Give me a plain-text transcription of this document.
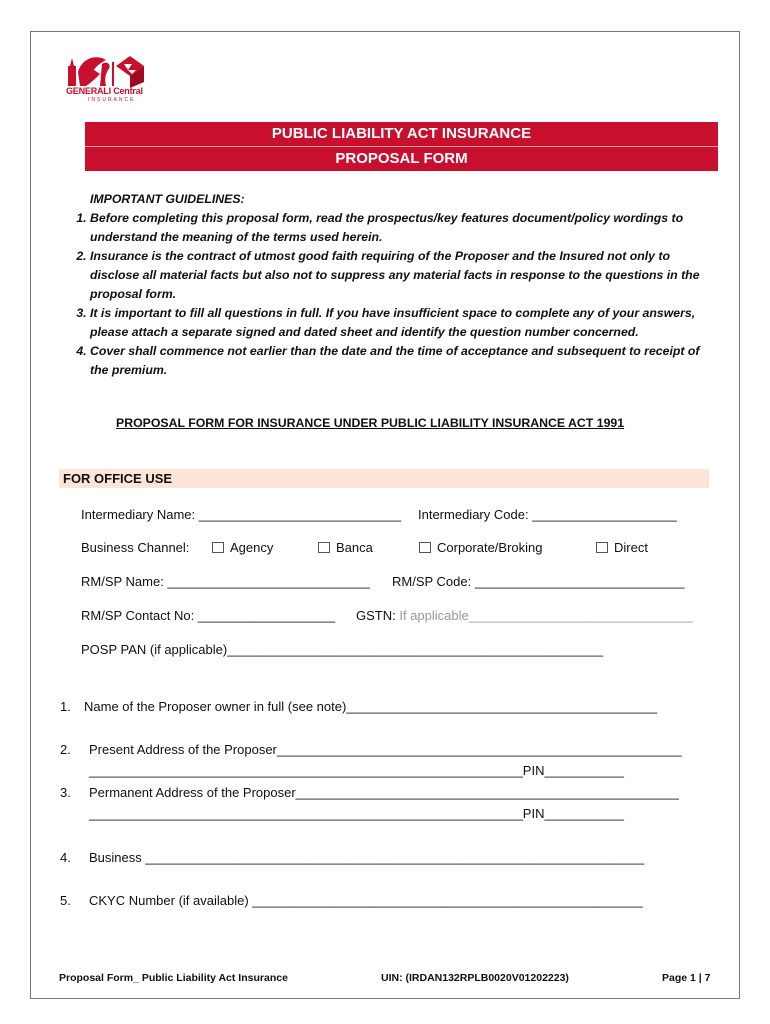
GENERALI Central
INSURANCE
PUBLIC LIABILITY ACT INSURANCE
PROPOSAL FORM
IMPORTANT GUIDELINES:
1. Before completing this proposal form, read the prospectus/key features document/policy wordings to understand the meaning of the terms used herein.
2. Insurance is the contract of utmost good faith requiring of the Proposer and the Insured not only to disclose all material facts but also not to suppress any material facts in response to the questions in the proposal form.
3. It is important to fill all questions in full. If you have insufficient space to complete any of your answers, please attach a separate signed and dated sheet and identify the question number concerned.
4. Cover shall commence not earlier than the date and the time of acceptance and subsequent to receipt of the premium.
PROPOSAL FORM FOR INSURANCE UNDER PUBLIC LIABILITY INSURANCE ACT 1991
FOR OFFICE USE
Intermediary Name: ____________________________ Intermediary Code: ____________________
Business Channel:	Agency	Banca	Corporate/Broking	Direct
RM/SP Name: ____________________________ RM/SP Code: _____________________________
RM/SP Contact No: ___________________ GSTN: If applicable_______________________________
POSP PAN (if applicable)____________________________________________________
1. Name of the Proposer owner in full (see note)___________________________________________
2. Present Address of the Proposer________________________________________________________
____________________________________________________________PIN___________
3. Permanent Address of the Proposer_____________________________________________________
____________________________________________________________PIN___________
4. Business _____________________________________________________________________
5. CKYC Number (if available) ______________________________________________________
Proposal Form_ Public Liability Act Insurance	UIN: (IRDAN132RPLB0020V01202223)	Page 1 | 7
